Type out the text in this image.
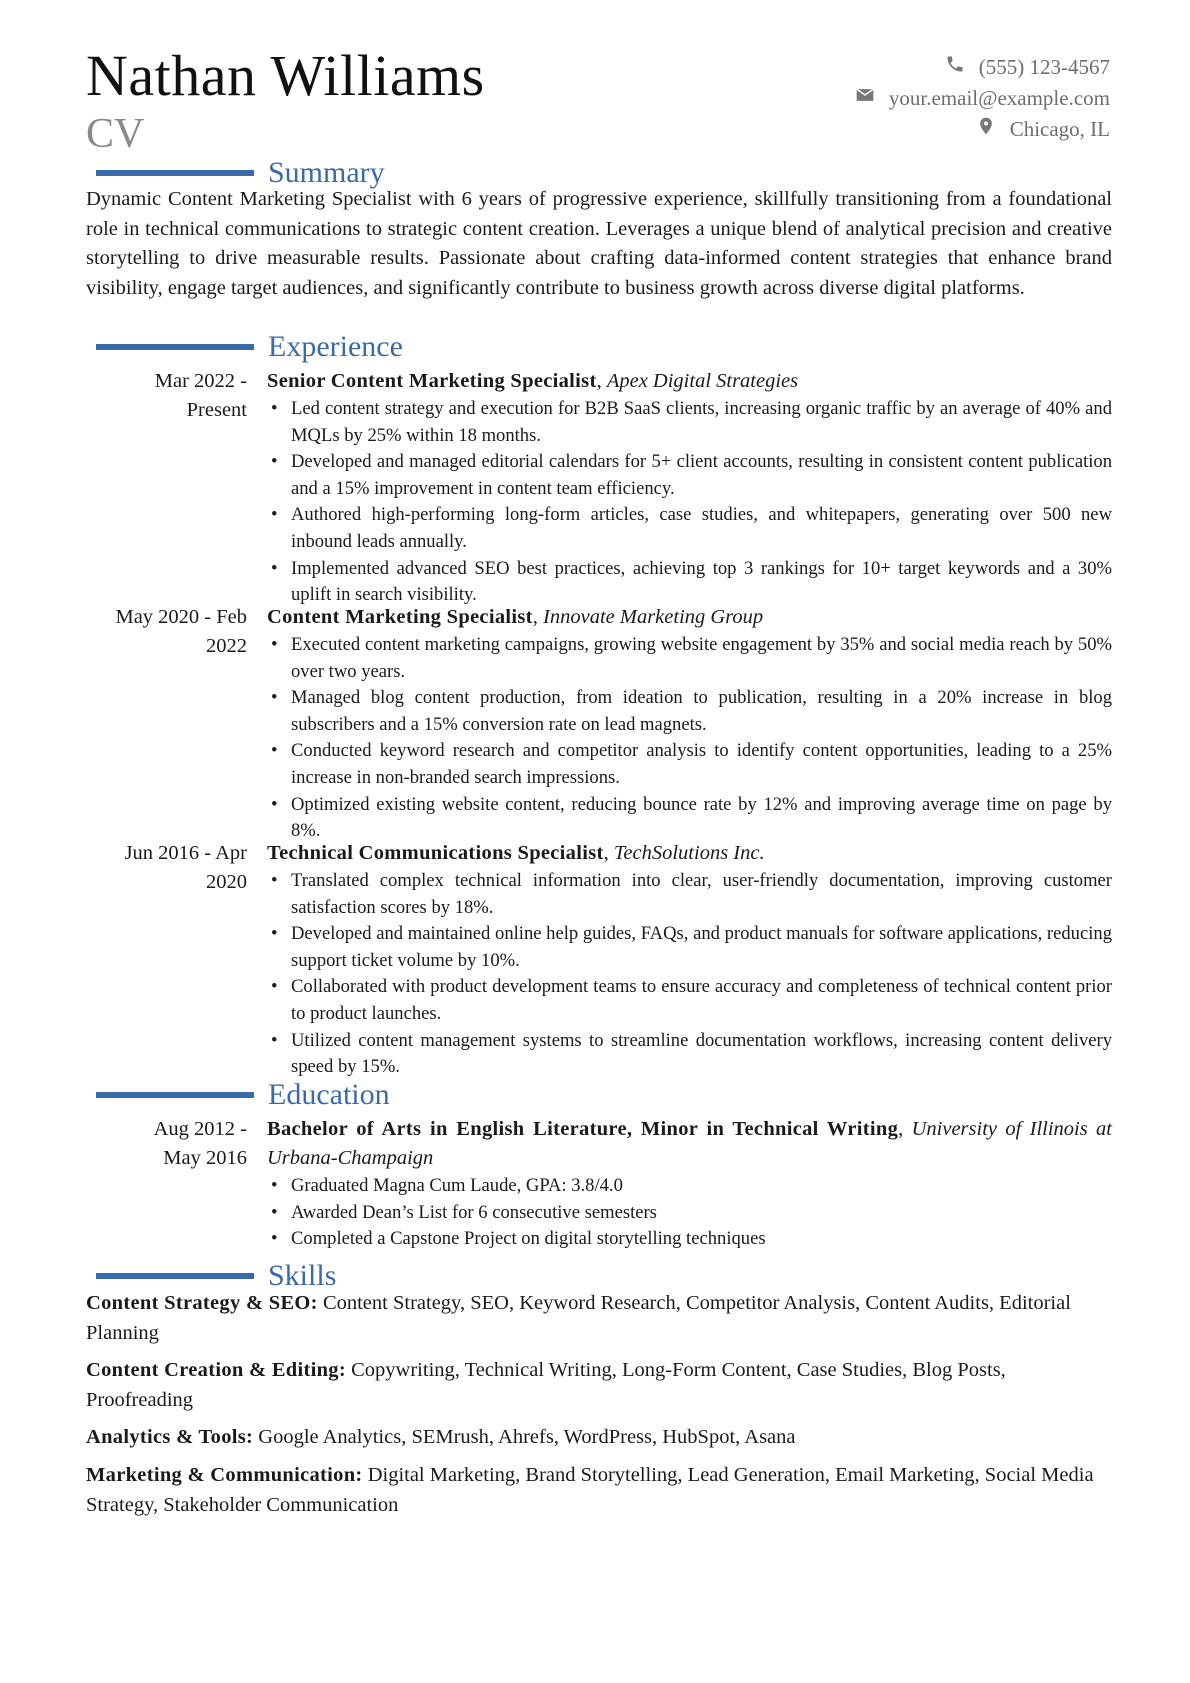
Nathan Williams
CV
(555) 123-4567
your.email@example.com
Chicago, IL
Summary
Dynamic Content Marketing Specialist with 6 years of progressive experience, skillfully transitioning from a foundational role in technical communications to strategic content creation. Leverages a unique blend of analytical precision and creative storytelling to drive measurable results. Passionate about crafting data-informed content strategies that enhance brand visibility, engage target audiences, and significantly contribute to business growth across diverse digital platforms.
Experience
Mar 2022 -
Present
Senior Content Marketing Specialist, Apex Digital Strategies
• Led content strategy and execution for B2B SaaS clients, increasing organic traffic by an average of 40% and MQLs by 25% within 18 months.
• Developed and managed editorial calendars for 5+ client accounts, resulting in consistent content publication and a 15% improvement in content team efficiency.
• Authored high-performing long-form articles, case studies, and whitepapers, generating over 500 new inbound leads annually.
• Implemented advanced SEO best practices, achieving top 3 rankings for 10+ target keywords and a 30% uplift in search visibility.
May 2020 - Feb
2022
Content Marketing Specialist, Innovate Marketing Group
• Executed content marketing campaigns, growing website engagement by 35% and social media reach by 50% over two years.
• Managed blog content production, from ideation to publication, resulting in a 20% increase in blog subscribers and a 15% conversion rate on lead magnets.
• Conducted keyword research and competitor analysis to identify content opportunities, leading to a 25% increase in non-branded search impressions.
• Optimized existing website content, reducing bounce rate by 12% and improving average time on page by 8%.
Jun 2016 - Apr
2020
Technical Communications Specialist, TechSolutions Inc.
• Translated complex technical information into clear, user-friendly documentation, improving customer satisfaction scores by 18%.
• Developed and maintained online help guides, FAQs, and product manuals for software applications, reducing support ticket volume by 10%.
• Collaborated with product development teams to ensure accuracy and completeness of technical content prior to product launches.
• Utilized content management systems to streamline documentation workflows, increasing content delivery speed by 15%.
Education
Aug 2012 -
May 2016
Bachelor of Arts in English Literature, Minor in Technical Writing, University of Illinois at Urbana-Champaign
• Graduated Magna Cum Laude, GPA: 3.8/4.0
• Awarded Dean’s List for 6 consecutive semesters
• Completed a Capstone Project on digital storytelling techniques
Skills
Content Strategy & SEO: Content Strategy, SEO, Keyword Research, Competitor Analysis, Content Audits, Editorial Planning
Content Creation & Editing: Copywriting, Technical Writing, Long-Form Content, Case Studies, Blog Posts, Proofreading
Analytics & Tools: Google Analytics, SEMrush, Ahrefs, WordPress, HubSpot, Asana
Marketing & Communication: Digital Marketing, Brand Storytelling, Lead Generation, Email Marketing, Social Media Strategy, Stakeholder Communication
